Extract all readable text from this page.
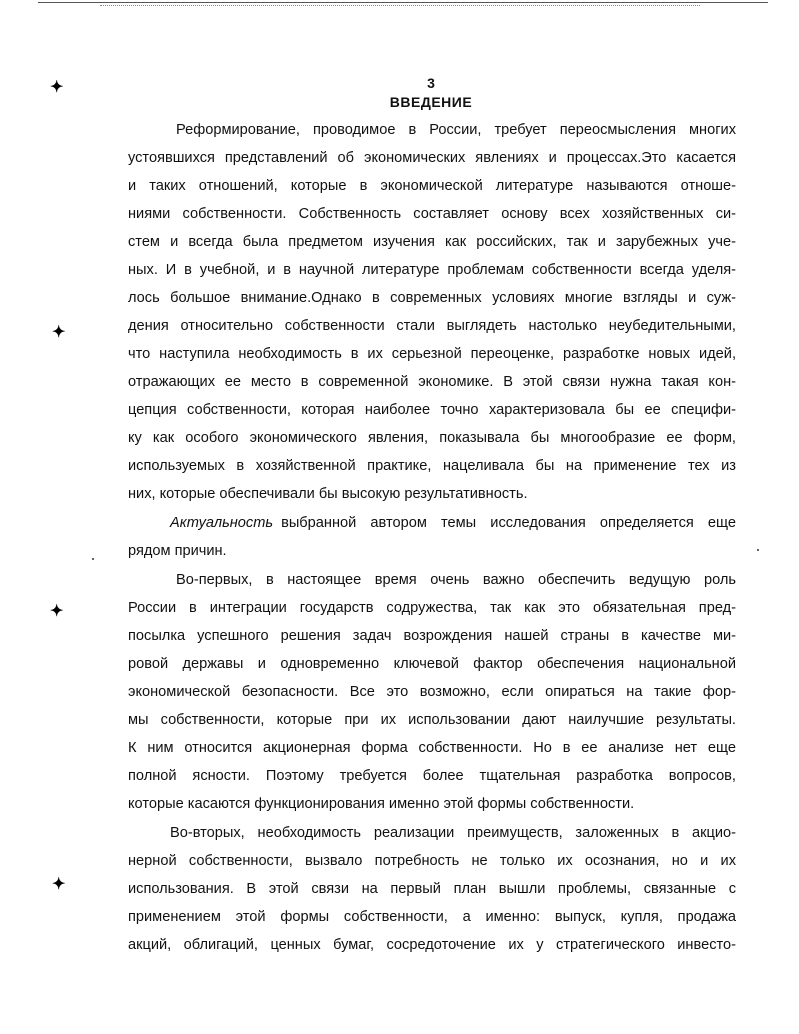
✦
✦
✦
✦
3
ВВЕДЕНИЕ
Реформирование, проводимое в России, требует переосмысления многих
устоявшихся представлений об экономических явлениях и процессах.Это касается
и таких отношений, которые в экономической литературе называются отноше-
ниями собственности. Собственность составляет основу всех хозяйственных си-
стем и всегда была предметом изучения как российских, так и зарубежных уче-
ных. И в учебной, и в научной литературе проблемам собственности всегда уделя-
лось большое внимание.Однако в современных условиях многие взгляды и суж-
дения относительно собственности стали выглядеть настолько неубедительными,
что наступила необходимость в их серьезной переоценке, разработке новых идей,
отражающих ее место в современной экономике. В этой связи нужна такая кон-
цепция собственности, которая наиболее точно характеризовала бы ее специфи-
ку как особого экономического явления, показывала бы многообразие ее форм,
используемых в хозяйственной практике, нацеливала бы на применение тех из
них, которые обеспечивали бы высокую результативность.
Актуальность выбранной автором темы исследования определяется еще
рядом причин.
Во-первых, в настоящее время очень важно обеспечить ведущую роль
России в интеграции государств содружества, так как это обязательная пред-
посылка успешного решения задач возрождения нашей страны в качестве ми-
ровой державы и одновременно ключевой фактор обеспечения национальной
экономической безопасности. Все это возможно, если опираться на такие фор-
мы собственности, которые при их использовании дают наилучшие результаты.
К ним относится акционерная форма собственности. Но в ее анализе нет еще
полной ясности. Поэтому требуется более тщательная разработка вопросов,
которые касаются функционирования именно этой формы собственности.
Во-вторых, необходимость реализации преимуществ, заложенных в акцио-
нерной собственности, вызвало потребность не только их осознания, но и их
использования. В этой связи на первый план вышли проблемы, связанные с
применением этой формы собственности, а именно: выпуск, купля, продажа
акций, облигаций, ценных бумаг, сосредоточение их у стратегического инвесто-
